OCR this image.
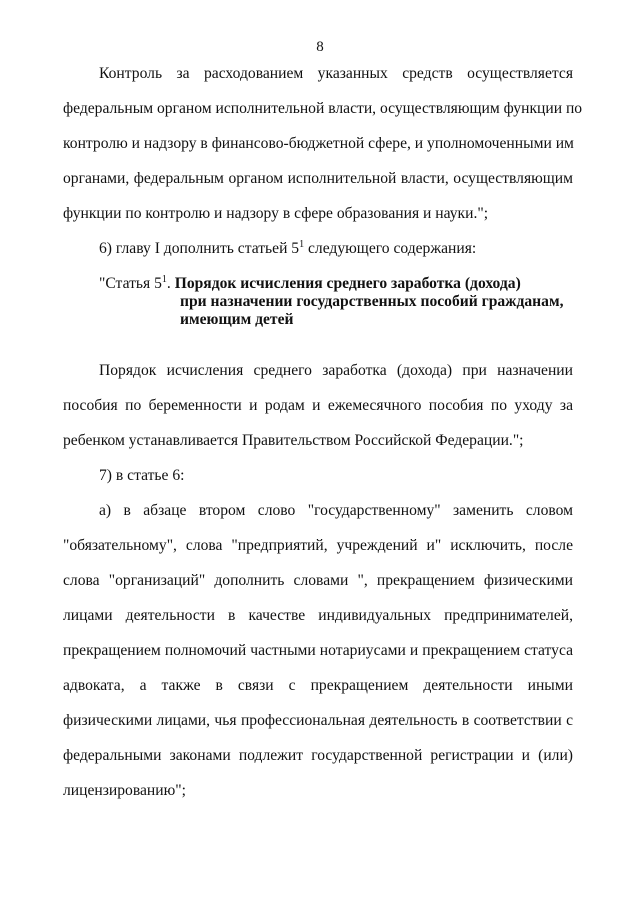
8
Контроль за расходованием указанных средств осуществляется
федеральным органом исполнительной власти, осуществляющим функции по
контролю и надзору в финансово-бюджетной сфере, и уполномоченными им
органами, федеральным органом исполнительной власти, осуществляющим
функции по контролю и надзору в сфере образования и науки.";
6) главу I дополнить статьей $5^1$ следующего содержания:
"Статья $5^1$. Порядок исчисления среднего заработка (дохода)
при назначении государственных пособий гражданам,
имеющим детей
Порядок исчисления среднего заработка (дохода) при назначении
пособия по беременности и родам и ежемесячного пособия по уходу за
ребенком устанавливается Правительством Российской Федерации.";
7) в статье 6:
а) в абзаце втором слово "государственному" заменить словом
"обязательному", слова "предприятий, учреждений и" исключить, после
слова "организаций" дополнить словами ", прекращением физическими
лицами деятельности в качестве индивидуальных предпринимателей,
прекращением полномочий частными нотариусами и прекращением статуса
адвоката, а также в связи с прекращением деятельности иными
физическими лицами, чья профессиональная деятельность в соответствии с
федеральными законами подлежит государственной регистрации и (или)
лицензированию";
